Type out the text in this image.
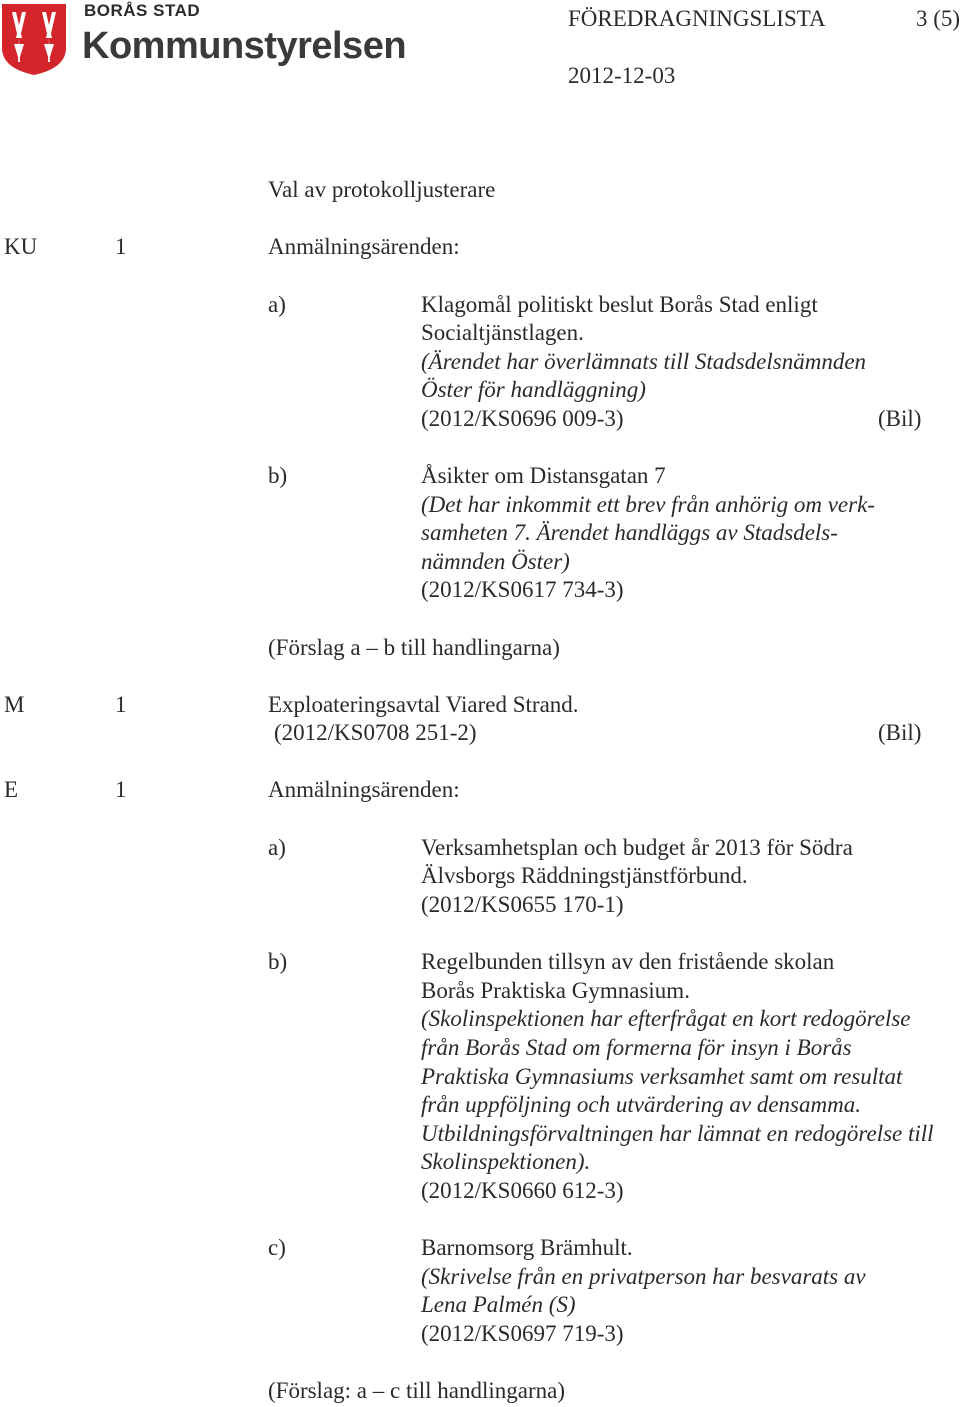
BORÅS STAD
Kommunstyrelsen
FÖREDRAGNINGSLISTA	3 (5)
2012-12-03
Val av protokolljusterare
KU	1	Anmälningsärenden:
a)	Klagomål politiskt beslut Borås Stad enligt
Socialtjänstlagen.
(Ärendet har överlämnats till Stadsdelsnämnden
Öster för handläggning)
(2012/KS0696 009-3)	(Bil)
b)	Åsikter om Distansgatan 7
(Det har inkommit ett brev från anhörig om verk-
samheten 7. Ärendet handläggs av Stadsdels-
nämnden Öster)
(2012/KS0617 734-3)
(Förslag a – b till handlingarna)
M	1	Exploateringsavtal Viared Strand.
(2012/KS0708 251-2)	(Bil)
E	1	Anmälningsärenden:
a)	Verksamhetsplan och budget år 2013 för Södra
Älvsborgs Räddningstjänstförbund.
(2012/KS0655 170-1)
b)	Regelbunden tillsyn av den fristående skolan
Borås Praktiska Gymnasium.
(Skolinspektionen har efterfrågat en kort redogörelse
från Borås Stad om formerna för insyn i Borås
Praktiska Gymnasiums verksamhet samt om resultat
från uppföljning och utvärdering av densamma.
Utbildningsförvaltningen har lämnat en redogörelse till
Skolinspektionen).
(2012/KS0660 612-3)
c)	Barnomsorg Brämhult.
(Skrivelse från en privatperson har besvarats av
Lena Palmén (S)
(2012/KS0697 719-3)
(Förslag: a – c till handlingarna)
